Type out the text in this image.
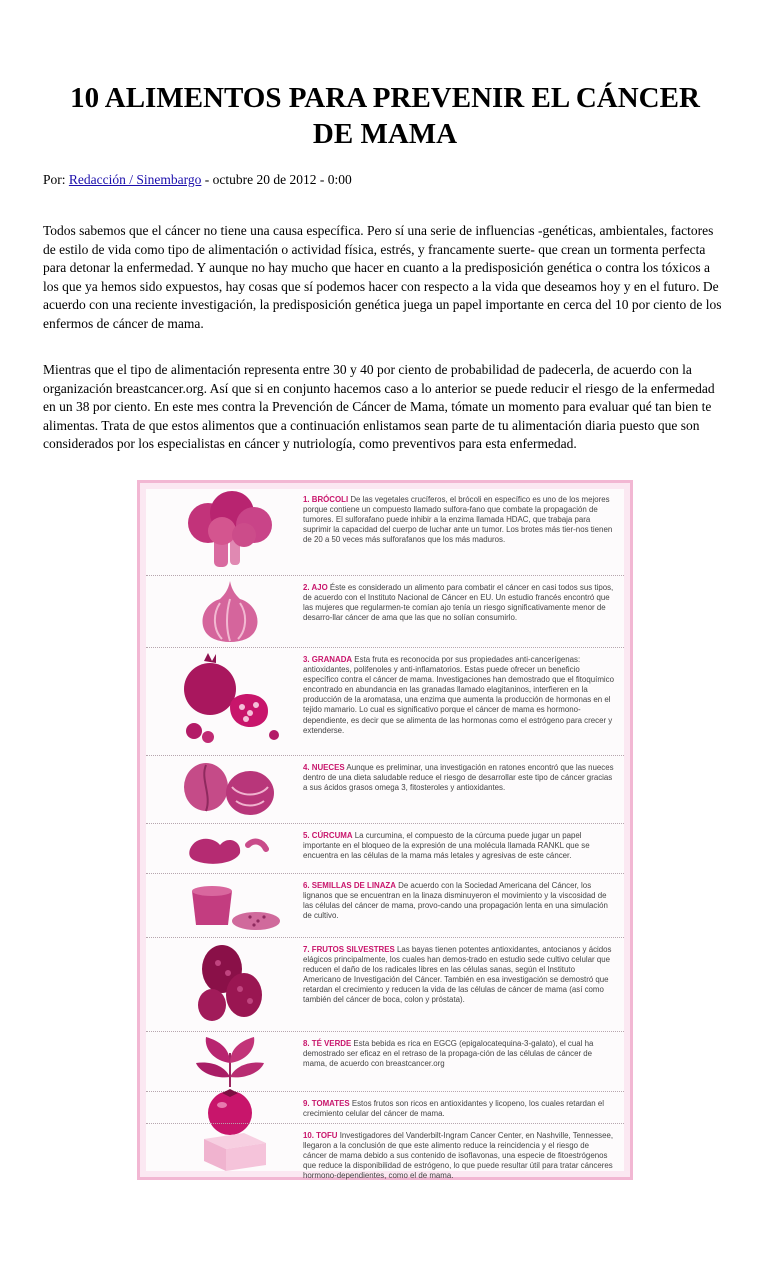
10 ALIMENTOS PARA PREVENIR EL CÁNCER
DE MAMA
Por: Redacción / Sinembargo - octubre 20 de 2012 - 0:00

Todos sabemos que el cáncer no tiene una causa específica. Pero sí una serie de influencias -genéticas, ambientales, factores de estilo de vida como tipo de alimentación o actividad física, estrés, y francamente suerte- que crean un tormenta perfecta para detonar la enfermedad. Y aunque no hay mucho que hacer en cuanto a la predisposición genética o contra los tóxicos a los que ya hemos sido expuestos, hay cosas que sí podemos hacer con respecto a la vida que deseamos hoy y en el futuro. De acuerdo con una reciente investigación, la predisposición genética juega un papel importante en cerca del 10 por ciento de los enfermos de cáncer de mama.

Mientras que el tipo de alimentación representa entre 30 y 40 por ciento de probabilidad de padecerla, de acuerdo con la organización breastcancer.org. Así que si en conjunto hacemos caso a lo anterior se puede reducir el riesgo de la enfermedad en un 38 por ciento. En este mes contra la Prevención de Cáncer de Mama, tómate un momento para evaluar qué tan bien te alimentas. Trata de que estos alimentos que a continuación enlistamos sean parte de tu alimentación diaria puesto que son considerados por los especialistas en cáncer y nutriología, como preventivos para esta enfermedad.

1. BRÓCOLI De las vegetales crucíferos, el brócoli en específico es uno de los mejores porque contiene un compuesto llamado sulfora-fano que combate la propagación de tumores. El sulforafano puede inhibir a la enzima llamada HDAC, que trabaja para suprimir la capacidad del cuerpo de luchar ante un tumor. Los brotes más tier-nos tienen de 20 a 50 veces más sulforafanos que los más maduros.
2. AJO Éste es considerado un alimento para combatir el cáncer en casi todos sus tipos, de acuerdo con el Instituto Nacional de Cáncer en EU. Un estudio francés encontró que las mujeres que regularmen-te comían ajo tenía un riesgo significativamente menor de desarro-llar cáncer de ama que las que no solían consumirlo.
3. GRANADA Esta fruta es reconocida por sus propiedades anti-cancerígenas: antioxidantes, polifenoles y anti-inflamatorios. Estas puede ofrecer un beneficio específico contra el cáncer de mama. Investigaciones han demostrado que el fitoquímico encontrado en abundancia en las granadas llamado elagitaninos, interfieren en la producción de la aromatasa, una enzima que aumenta la producción de hormonas en el tejido mamario. Lo cual es significativo porque el cáncer de mama es hormono-dependiente, es decir que se alimenta de las hormonas como el estrógeno para crecer y extenderse.
4. NUECES Aunque es preliminar, una investigación en ratones encontró que las nueces dentro de una dieta saludable reduce el riesgo de desarrollar este tipo de cáncer gracias a sus ácidos grasos omega 3, fitosteroles y antioxidantes.
5. CÚRCUMA La curcumina, el compuesto de la cúrcuma puede jugar un papel importante en el bloqueo de la expresión de una molécula llamada RANKL que se encuentra en las células de la mama más letales y agresivas de este cáncer.
6. SEMILLAS DE LINAZA De acuerdo con la Sociedad Americana del Cáncer, los lignanos que se encuentran en la linaza disminuyeron el movimiento y la viscosidad de las células del cáncer de mama, provo-cando una propagación lenta en una simulación de cultivo.
7. FRUTOS SILVESTRES Las bayas tienen potentes antioxidantes, antocianos y ácidos elágicos principalmente, los cuales han demos-trado en estudio sede cultivo celular que reducen el daño de los radicales libres en las células sanas, según el Instituto Americano de Investigación del Cáncer. También en esa investigación se demostró que retardan el crecimiento y reducen la vida de las células de cáncer de mama (así como también del cáncer de boca, colon y próstata).
8. TÉ VERDE Esta bebida es rica en EGCG (epigalocatequina-3-galato), el cual ha demostrado ser eficaz en el retraso de la propaga-ción de las células de cáncer de mama, de acuerdo con breastcancer.org
9. TOMATES Estos frutos son ricos en antioxidantes y licopeno, los cuales retardan el crecimiento celular del cáncer de mama.
10. TOFU Investigadores del Vanderbilt-Ingram Cancer Center, en Nashville, Tennessee, llegaron a la conclusión de que este alimento reduce la reincidencia y el riesgo de cáncer de mama debido a sus contenido de isoflavonas, una especie de fitoestrógenos que reduce la disponibilidad de estrógeno, lo que puede resultar útil para tratar cánceres hormono-dependientes, como el de mama.
